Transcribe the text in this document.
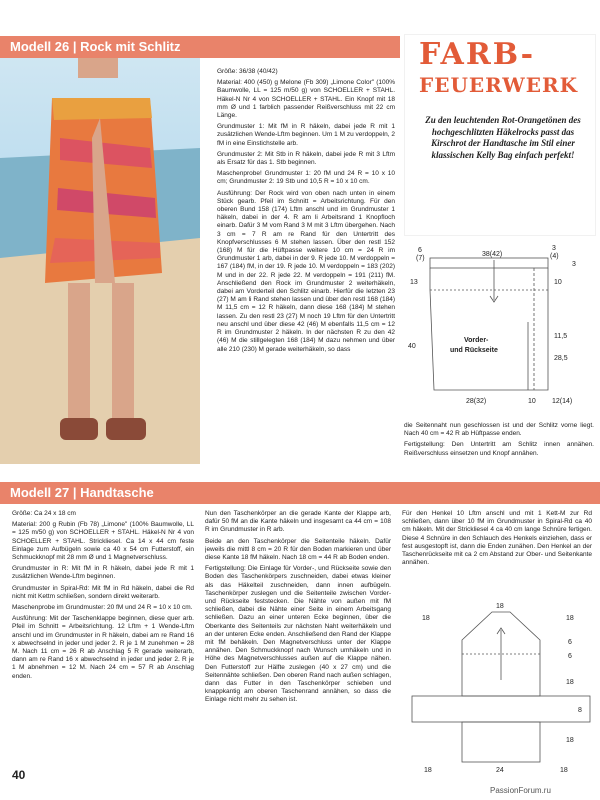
Modell 26 | Rock mit Schlitz

Größe: 36/38 (40/42)

Material: 400 (450) g Melone (Fb 309) „Limone Color" (100% Baumwolle, LL = 125 m/50 g) von SCHOELLER + STAHL. Häkel-N Nr 4 von SCHOELLER + STAHL. Ein Knopf mit 18 mm Ø und 1 farblich passender Reißverschluss mit 22 cm Länge.

Grundmuster 1: Mit fM in R häkeln, dabei jede R mit 1 zusätzlichen Wende-Lftm beginnen. Um 1 M zu verdoppeln, 2 fM in eine Einstichstelle arb.

Grundmuster 2: Mit Stb in R häkeln, dabei jede R mit 3 Lftm als Ersatz für das 1. Stb beginnen.

Maschenprobe! Grundmuster 1: 20 fM und 24 R = 10 x 10 cm; Grundmuster 2: 19 Stb und 10,5 R = 10 x 10 cm.

Ausführung: Der Rock wird von oben nach unten in einem Stück gearb. Pfeil im Schnitt = Arbeitsrichtung. Für den oberen Bund 158 (174) Lftm anschl und im Grundmuster 1 häkeln, dabei in der 4. R am li Arbeitsrand 1 Knopfloch einarb. Dafür 3 M vom Rand 3 M mit 3 Lftm übergehen. Nach 3 cm = 7 R am re Rand für den Untertritt des Knopfverschlusses 6 M stehen lassen. Über den restl 152 (168) M für die Hüftpasse weitere 10 cm = 24 R im Grundmuster 1 arb, dabei in der 9. R jede 10. M verdoppeln = 167 (184) fM, in der 19. R jede 10. M verdoppeln = 183 (202) M und in der 22. R jede 22. M verdoppeln = 191 (211) fM. Anschließend den Rock im Grundmuster 2 weiterhäkeln, dabei am Vorderteil den Schlitz einarb. Hierfür die letzten 23 (27) M am li Rand stehen lassen und über den restl 168 (184) M 11,5 cm = 12 R häkeln, dann diese 168 (184) M stehen lassen. Zu den restl 23 (27) M noch 19 Lftm für den Untertritt neu anschl und über diese 42 (46) M ebenfalls 11,5 cm = 12 R im Grundmuster 2 häkeln. In der nächsten R zu den 42 (46) M die stillgelegten 168 (184) M dazu nehmen und über alle 210 (230) M gerade weiterhäkeln, so dass

FARB-
FEUERWERK
Zu den leuchtenden Rot-Orangetönen des hochgeschlitzten Häkelrocks passt das Kirschrot der Handtasche im Stil einer klassischen Kelly Bag einfach perfekt!
6
(7)
38(42)
3
(4)
3
13	10
11,5
40
28,5
Vorder-
und Rückseite
28(32)	10 12(14)

die Seitennaht nun geschlossen ist und der Schlitz vorne liegt. Nach 40 cm = 42 R ab Hüftpasse enden.

Fertigstellung: Den Untertritt am Schlitz innen annähen. Reißverschluss einsetzen und Knopf annähen.

Modell 27 | Handtasche

Größe: Ca 24 x 18 cm

Material: 200 g Rubin (Fb 78) „Limone" (100% Baumwolle, LL = 125 m/50 g) von SCHOELLER + STAHL. Häkel-N Nr 4 von SCHOELLER + STAHL. Strickliesel. Ca 14 x 44 cm feste Einlage zum Aufbügeln sowie ca 40 x 54 cm Futterstoff, ein Schmuckknopf mit 28 mm Ø und 1 Magnetverschluss.

Grundmuster in R: Mit fM in R häkeln, dabei jede R mit 1 zusätzlichen Wende-Lftm beginnen.

Grundmuster in Spiral-Rd: Mit fM in Rd häkeln, dabei die Rd nicht mit Kettm schließen, sondern direkt weiterarb.

Maschenprobe im Grundmuster: 20 fM und 24 R = 10 x 10 cm.

Ausführung: Mit der Taschenklappe beginnen, diese quer arb. Pfeil im Schnitt = Arbeitsrichtung. 12 Lftm + 1 Wende-Lftm anschl und im Grundmuster in R häkeln, dabei am re Rand 16 x abwechselnd in jeder und jeder 2. R je 1 M zunehmen = 28 M. Nach 11 cm = 26 R ab Anschlag 5 R gerade weiterarb, dann am re Rand 16 x abwechselnd in jeder und jeder 2. R je 1 M abnehmen = 12 M. Nach 24 cm = 57 R ab Anschlag enden.

Nun den Taschenkörper an die gerade Kante der Klappe arb, dafür 50 fM an die Kante häkeln und insgesamt ca 44 cm = 108 R im Grundmuster in R arb.

Beide an den Taschenkörper die Seitenteile häkeln. Dafür jeweils die mittl 8 cm = 20 R für den Boden markieren und über diese Kante 18 fM häkeln. Nach 18 cm = 44 R ab Boden enden.

Fertigstellung: Die Einlage für Vorder-, und Rückseite sowie den Boden des Taschenkörpers zuschneiden, dabei etwas kleiner als das Häkelteil zuschneiden, dann innen aufbügeln. Taschenkörper zuslegen und die Seitenteile zwischen Vorder- und Rückseite feststecken. Die Nähte von außen mit fM schließen, dabei die Nähte einer Seite in einem Arbeitsgang schließen. Dazu an einer unteren Ecke beginnen, über die Oberkante des Seitenteils zur nächsten Naht weiterhäkeln und an der unteren Ecke enden. Anschließend den Rand der Klappe mit fM behäkeln. Den Magnetverschluss unter der Klappe annähen. Den Schmuckknopf nach Wunsch umhäkeln und in Höhe des Magnetverschlusses außen auf die Klappe nähen. Den Futterstoff zur Hälfte zuslegen (40 x 27 cm) und die Seitennähte schließen. Den oberen Rand nach außen schlagen, dann das Futter in den Taschenkörper schieben und knappkantig am oberen Taschenrand annähen, so dass die Einlage nicht mehr zu sehen ist.

Für den Henkel 10 Lftm anschl und mit 1 Kett-M zur Rd schließen, dann über 10 fM im Grundmuster in Spiral-Rd ca 40 cm häkeln. Mit der Strickliesel 4 ca 40 cm lange Schnüre fertigen. Diese 4 Schnüre in den Schlauch des Henkels einziehen, dass er fest ausgestopft ist, dann die Enden zunähen. Den Henkel an der Taschenrückseite mit ca 2 cm Abstand zur Ober- und Seitenkante annähen.

18
18
18
6
6
18
8
18
18	24	18
40
PassionForum.ru
